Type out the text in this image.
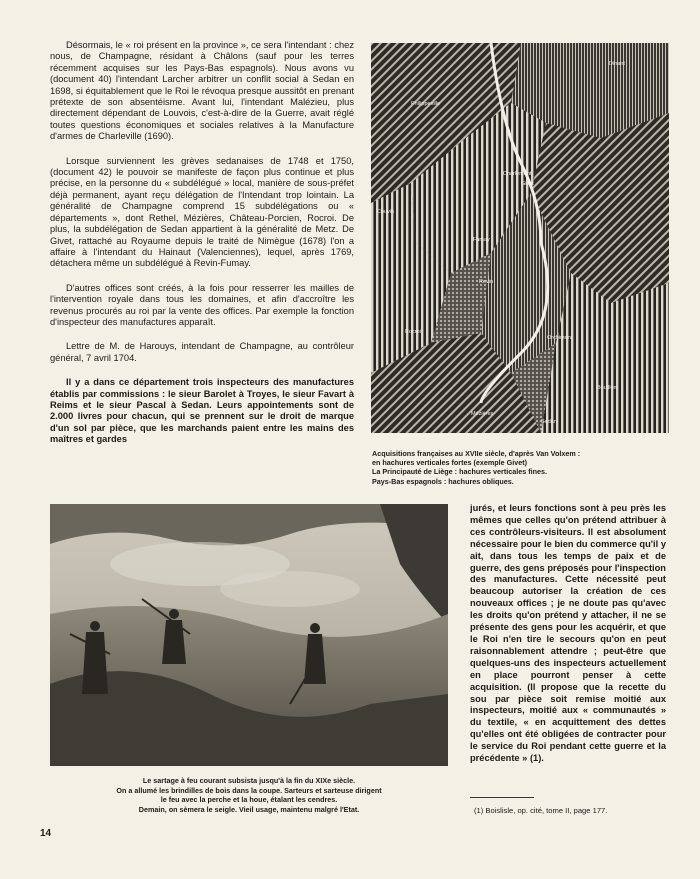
Désormais, le « roi présent en la province », ce sera l'intendant : chez nous, de Champagne, résidant à Châlons (sauf pour les terres récemment acquises sur les Pays-Bas espagnols). Nous avons vu (document 40) l'intendant Larcher arbitrer un conflit social à Sedan en 1698, si équitablement que le Roi le révoqua presque aussitôt en prenant prétexte de son absentéisme. Avant lui, l'intendant Malézieu, plus directement dépendant de Louvois, c'est-à-dire de la Guerre, avait réglé toutes questions économiques et sociales relatives à la Manufacture d'armes de Charleville (1690).

Lorsque surviennent les grèves sedanaises de 1748 et 1750, (document 42) le pouvoir se manifeste de façon plus continue et plus précise, en la personne du « subdélégué » local, manière de sous-préfet déjà permanent, ayant reçu délégation de l'Intendant trop lointain. La généralité de Champagne comprend 15 subdélégations ou « départements », dont Rethel, Mézières, Château-Porcien, Rocroi. De plus, la subdélégation de Sedan appartient à la généralité de Metz. De Givet, rattaché au Royaume depuis le traité de Nimègue (1678) l'on a affaire à l'intendant du Hainaut (Valenciennes), lequel, après 1769, détachera même un subdélégué à Revin-Fumay.

D'autres offices sont créés, à la fois pour resserrer les mailles de l'intervention royale dans tous les domaines, et afin d'accroître les revenus procurés au roi par la vente des offices. Par exemple la fonction d'inspecteur des manufactures apparaît.

Lettre de M. de Harouys, intendant de Champagne, au contrôleur général, 7 avril 1704.

Il y a dans ce département trois inspecteurs des manufactures établis par commissions : le sieur Barolet à Troyes, le sieur Favart à Reims et le sieur Pascal à Sedan. Leurs appointements sont de 2.000 livres pour chacun, qui se prennent sur le droit de marque d'un sol par pièce, que les marchands paient entre les mains des maîtres et gardes

Dinant
Philippeville
Charlemont
Givet
Couvin
Fumay
Revin
Orchimont
Rocroi
Bouillon
Mézières
Sedan
Acquisitions françaises au XVIIe siècle, d'après Van Volxem :
en hachures verticales fortes (exemple Givet)
La Principauté de Liège : hachures verticales fines.
Pays-Bas espagnols : hachures obliques.
Le sartage à feu courant subsista jusqu'à la fin du XIXe siècle.
On a allumé les brindilles de bois dans la coupe. Sarteurs et sarteuse dirigent
le feu avec la perche et la houe, étalant les cendres.
Demain, on sèmera le seigle. Vieil usage, maintenu malgré l'Etat.

jurés, et leurs fonctions sont à peu près les mêmes que celles qu'on prétend attribuer à ces contrôleurs-visiteurs. Il est absolument nécessaire pour le bien du commerce qu'il y ait, dans tous les temps de paix et de guerre, des gens préposés pour l'inspection des manufactures. Cette nécessité peut beaucoup autoriser la création de ces nouveaux offices ; je ne doute pas qu'avec les droits qu'on prétend y attacher, il ne se présente des gens pour les acquérir, et que le Roi n'en tire le secours qu'on en peut raisonnablement attendre ; peut-être que quelques-uns des inspecteurs actuellement en place pourront penser à cette acquisition. (Il propose que la recette du sou par pièce soit remise moitié aux inspecteurs, moitié aux « communautés » du textile, « en acquittement des dettes qu'elles ont été obligées de contracter pour le service du Roi pendant cette guerre et la précédente » (1).

(1) Boislisle, op. cité, tome II, page 177.
14
